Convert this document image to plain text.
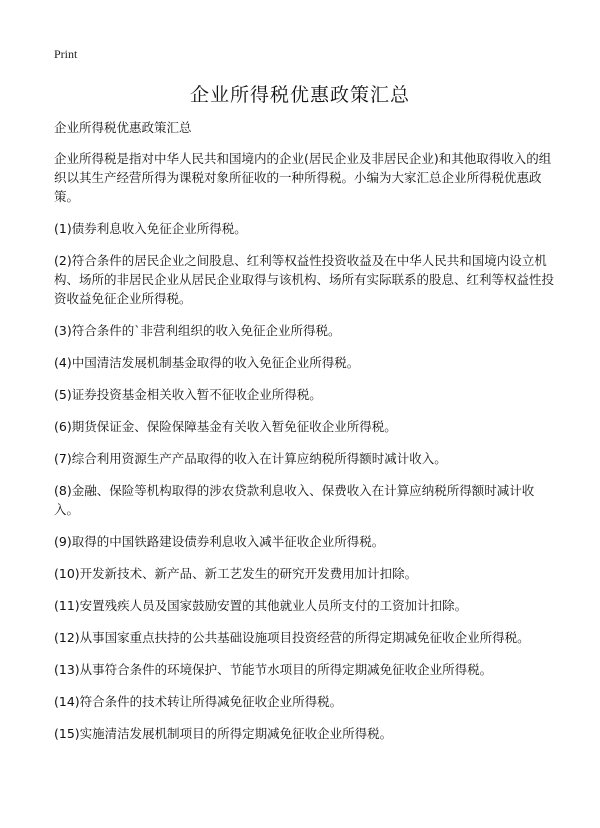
Print
企业所得税优惠政策汇总

企业所得税优惠政策汇总

企业所得税是指对中华人民共和国境内的企业(居民企业及非居民企业)和其他取得收入的组织以其生产经营所得为课税对象所征收的一种所得税。小编为大家汇总企业所得税优惠政策。

(1)债券利息收入免征企业所得税。

(2)符合条件的居民企业之间股息、红利等权益性投资收益及在中华人民共和国境内设立机构、场所的非居民企业从居民企业取得与该机构、场所有实际联系的股息、红利等权益性投资收益免征企业所得税。

(3)符合条件的`非营利组织的收入免征企业所得税。

(4)中国清洁发展机制基金取得的收入免征企业所得税。

(5)证券投资基金相关收入暂不征收企业所得税。

(6)期货保证金、保险保障基金有关收入暂免征收企业所得税。

(7)综合利用资源生产产品取得的收入在计算应纳税所得额时减计收入。

(8)金融、保险等机构取得的涉农贷款利息收入、保费收入在计算应纳税所得额时减计收入。

(9)取得的中国铁路建设债券利息收入减半征收企业所得税。

(10)开发新技术、新产品、新工艺发生的研究开发费用加计扣除。

(11)安置残疾人员及国家鼓励安置的其他就业人员所支付的工资加计扣除。

(12)从事国家重点扶持的公共基础设施项目投资经营的所得定期减免征收企业所得税。

(13)从事符合条件的环境保护、节能节水项目的所得定期减免征收企业所得税。

(14)符合条件的技术转让所得减免征收企业所得税。

(15)实施清洁发展机制项目的所得定期减免征收企业所得税。
